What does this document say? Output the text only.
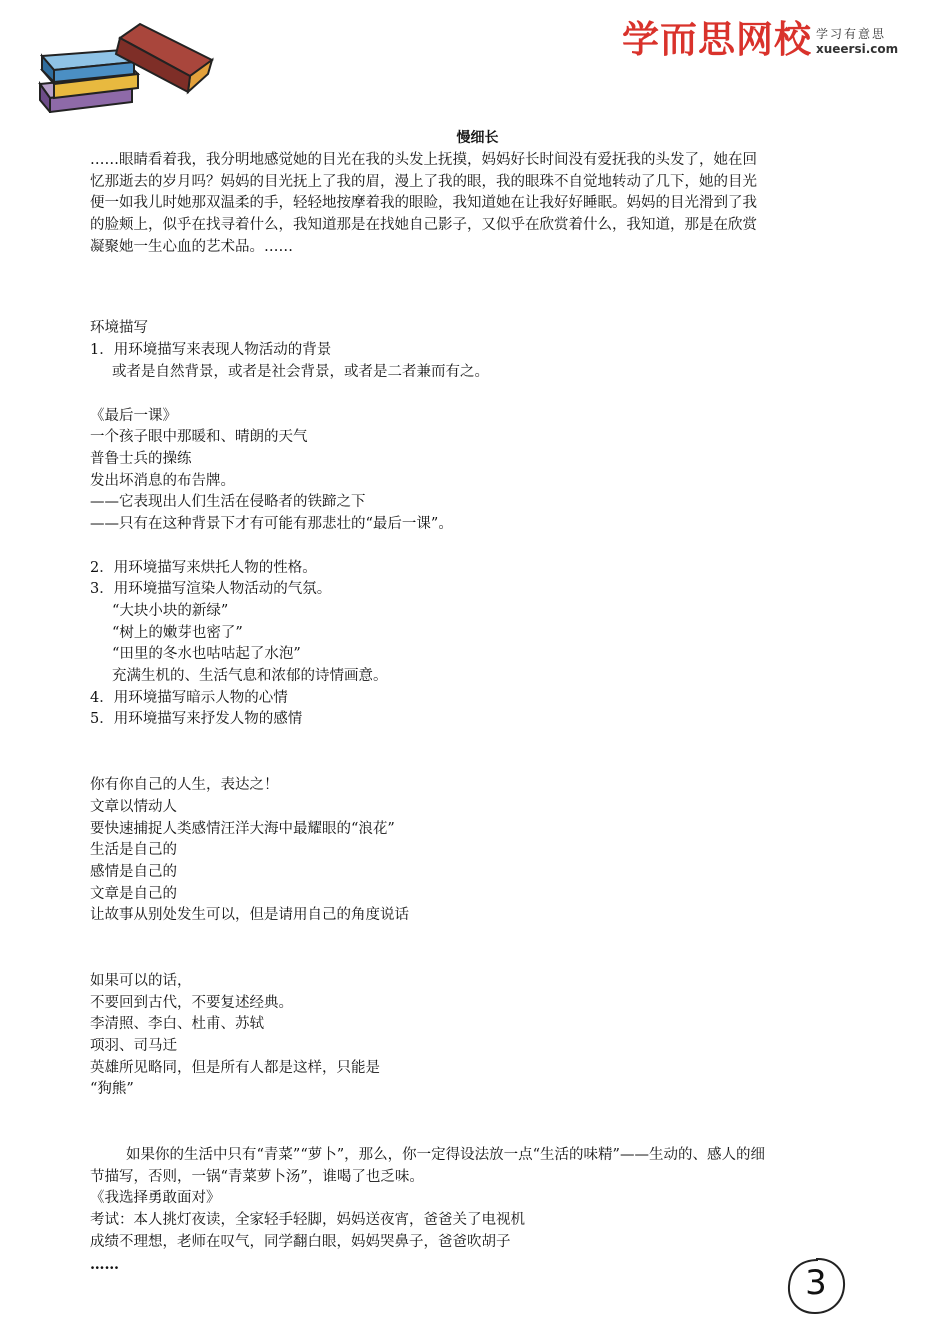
学而思网校 学习有意思
xueersi.com
慢细长
……眼睛看着我，我分明地感觉她的目光在我的头发上抚摸，妈妈好长时间没有爱抚我的头发了，她在回
忆那逝去的岁月吗？妈妈的目光抚上了我的眉，漫上了我的眼，我的眼珠不自觉地转动了几下，她的目光
便一如我儿时她那双温柔的手，轻轻地按摩着我的眼睑，我知道她在让我好好睡眠。妈妈的目光滑到了我
的脸颊上，似乎在找寻着什么，我知道那是在找她自己影子，又似乎在欣赏着什么，我知道，那是在欣赏
凝聚她一生心血的艺术品。……
环境描写
1．用环境描写来表现人物活动的背景
或者是自然背景，或者是社会背景，或者是二者兼而有之。
《最后一课》
一个孩子眼中那暖和、晴朗的天气
普鲁士兵的操练
发出坏消息的布告牌。
——它表现出人们生活在侵略者的铁蹄之下
——只有在这种背景下才有可能有那悲壮的“最后一课”。
2．用环境描写来烘托人物的性格。
3．用环境描写渲染人物活动的气氛。
“大块小块的新绿”
“树上的嫩芽也密了”
“田里的冬水也咕咕起了水泡”
充满生机的、生活气息和浓郁的诗情画意。
4．用环境描写暗示人物的心情
5．用环境描写来抒发人物的感情
你有你自己的人生，表达之！
文章以情动人
要快速捕捉人类感情汪洋大海中最耀眼的“浪花”
生活是自己的
感情是自己的
文章是自己的
让故事从别处发生可以，但是请用自己的角度说话
如果可以的话，
不要回到古代，不要复述经典。
李清照、李白、杜甫、苏轼
项羽、司马迁
英雄所见略同，但是所有人都是这样，只能是
“狗熊”
如果你的生活中只有“青菜”“萝卜”，那么，你一定得设法放一点“生活的味精”——生动的、感人的细
节描写，否则，一锅“青菜萝卜汤”，谁喝了也乏味。
《我选择勇敢面对》
考试：本人挑灯夜读，全家轻手轻脚，妈妈送夜宵，爸爸关了电视机
成绩不理想，老师在叹气，同学翻白眼，妈妈哭鼻子，爸爸吹胡子
……	3
